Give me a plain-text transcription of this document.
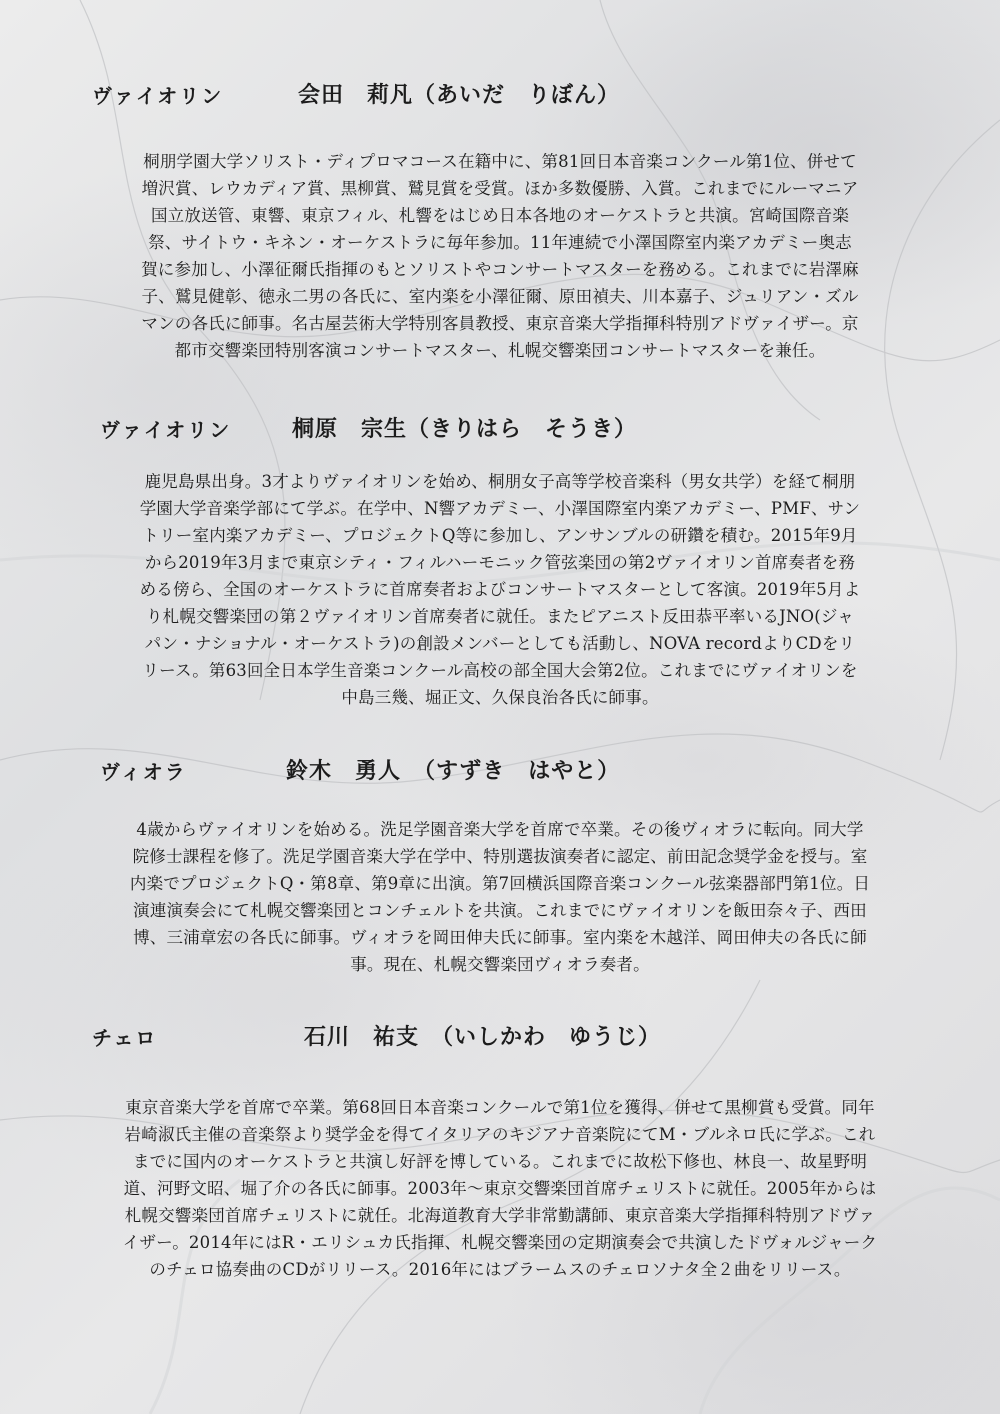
ヴァイオリン	会田　莉凡（あいだ　りぼん）
桐朋学園大学ソリスト・ディプロマコース在籍中に、第81回日本音楽コンクール第1位、併せて
増沢賞、レウカディア賞、黒柳賞、鷲見賞を受賞。ほか多数優勝、入賞。これまでにルーマニア
国立放送管、東響、東京フィル、札響をはじめ日本各地のオーケストラと共演。宮崎国際音楽
祭、サイトウ・キネン・オーケストラに毎年参加。11年連続で小澤国際室内楽アカデミー奥志
賀に参加し、小澤征爾氏指揮のもとソリストやコンサートマスターを務める。これまでに岩澤麻
子、鷲見健彰、徳永二男の各氏に、室内楽を小澤征爾、原田禎夫、川本嘉子、ジュリアン・ズル
マンの各氏に師事。名古屋芸術大学特別客員教授、東京音楽大学指揮科特別アドヴァイザー。京
都市交響楽団特別客演コンサートマスター、札幌交響楽団コンサートマスターを兼任。
ヴァイオリン	桐原　宗生（きりはら　そうき）
鹿児島県出身。3才よりヴァイオリンを始め、桐朋女子高等学校音楽科（男女共学）を経て桐朋
学園大学音楽学部にて学ぶ。在学中、N響アカデミー、小澤国際室内楽アカデミー、PMF、サン
トリー室内楽アカデミー、プロジェクトQ等に参加し、アンサンブルの研鑽を積む。2015年9月
から2019年3月まで東京シティ・フィルハーモニック管弦楽団の第2ヴァイオリン首席奏者を務
める傍ら、全国のオーケストラに首席奏者およびコンサートマスターとして客演。2019年5月よ
り札幌交響楽団の第２ヴァイオリン首席奏者に就任。またピアニスト反田恭平率いるJNO(ジャ
パン・ナショナル・オーケストラ)の創設メンバーとしても活動し、NOVA recordよりCDをリ
リース。第63回全日本学生音楽コンクール高校の部全国大会第2位。これまでにヴァイオリンを
中島三幾、堀正文、久保良治各氏に師事。
ヴィオラ	鈴木　勇人　（すずき　はやと）
4歳からヴァイオリンを始める。洗足学園音楽大学を首席で卒業。その後ヴィオラに転向。同大学
院修士課程を修了。洗足学園音楽大学在学中、特別選抜演奏者に認定、前田記念奨学金を授与。室
内楽でプロジェクトQ・第8章、第9章に出演。第7回横浜国際音楽コンクール弦楽器部門第1位。日
演連演奏会にて札幌交響楽団とコンチェルトを共演。これまでにヴァイオリンを飯田奈々子、西田
博、三浦章宏の各氏に師事。ヴィオラを岡田伸夫氏に師事。室内楽を木越洋、岡田伸夫の各氏に師
事。現在、札幌交響楽団ヴィオラ奏者。
チェロ	石川　祐支　（いしかわ　ゆうじ）
東京音楽大学を首席で卒業。第68回日本音楽コンクールで第1位を獲得、併せて黒柳賞も受賞。同年
岩崎淑氏主催の音楽祭より奨学金を得てイタリアのキジアナ音楽院にてM・ブルネロ氏に学ぶ。これ
までに国内のオーケストラと共演し好評を博している。これまでに故松下修也、林良一、故星野明
道、河野文昭、堀了介の各氏に師事。2003年～東京交響楽団首席チェリストに就任。2005年からは
札幌交響楽団首席チェリストに就任。北海道教育大学非常勤講師、東京音楽大学指揮科特別アドヴァ
イザー。2014年にはR・エリシュカ氏指揮、札幌交響楽団の定期演奏会で共演したドヴォルジャーク
のチェロ協奏曲のCDがリリース。2016年にはブラームスのチェロソナタ全２曲をリリース。
